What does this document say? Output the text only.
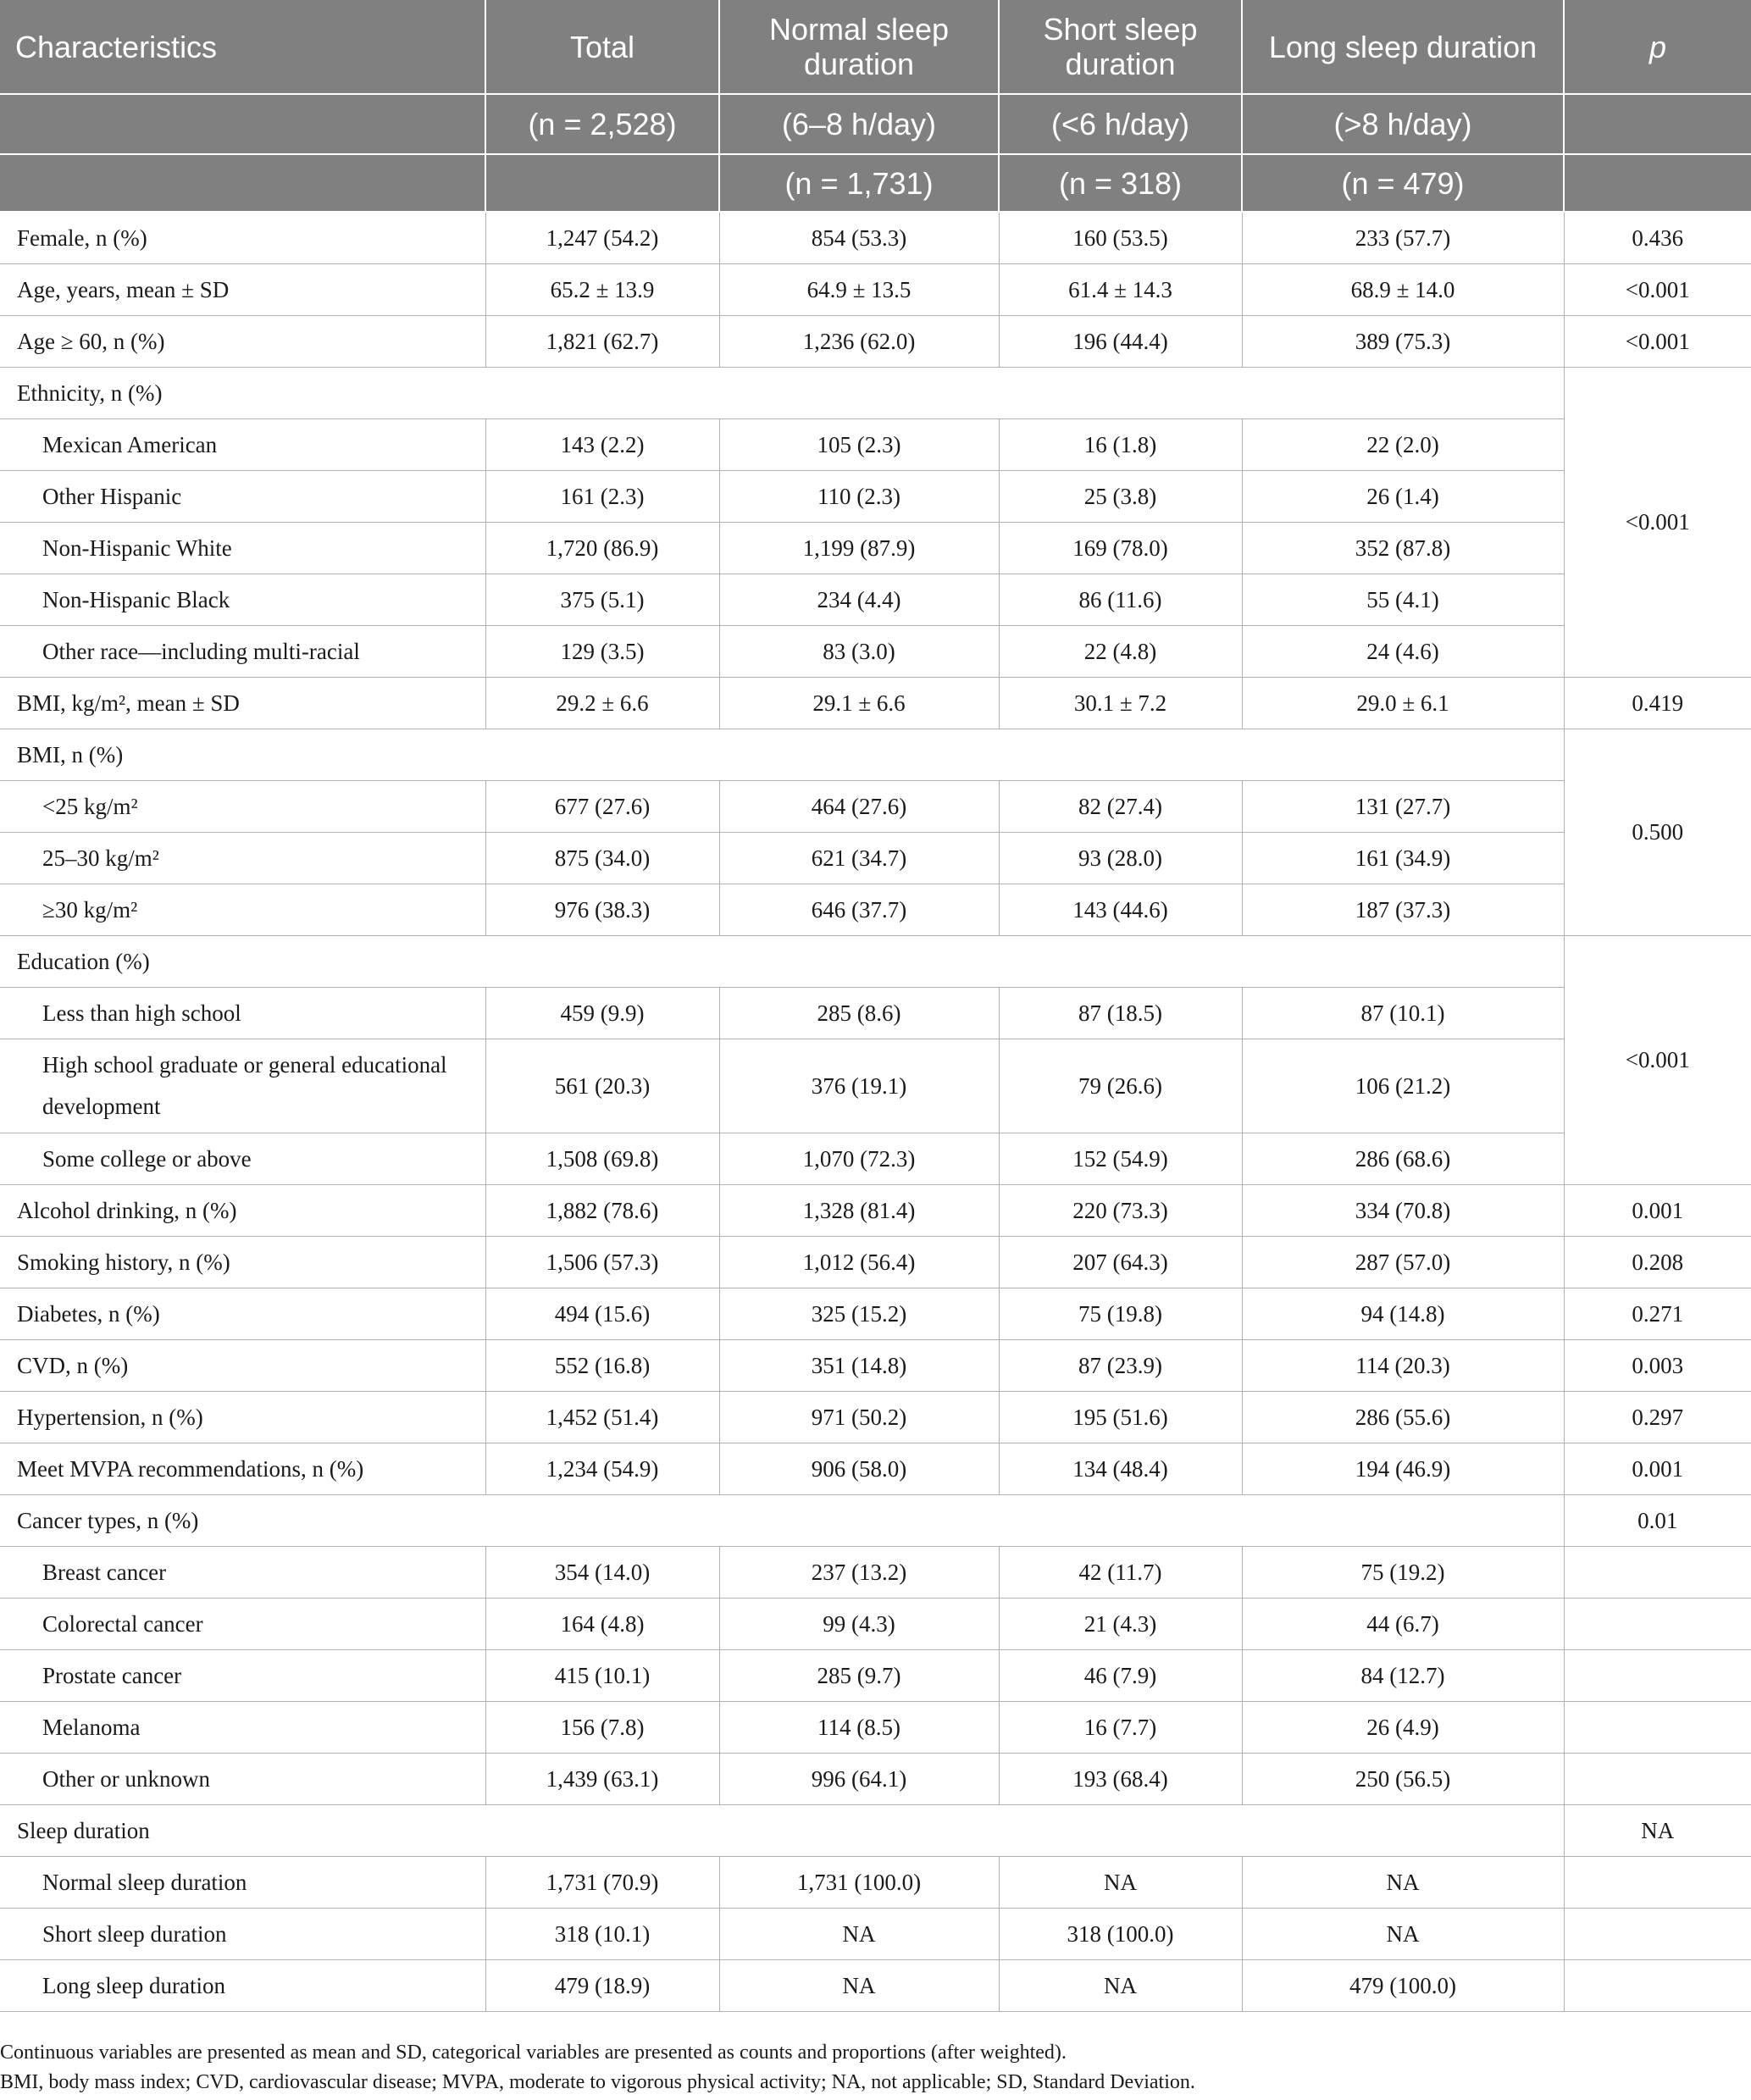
Characteristics	Total	Normal sleep duration	Short sleep duration	Long sleep duration	p
	(n = 2,528)	(6–8 h/day)	(<6 h/day)	(>8 h/day)	
		(n = 1,731)	(n = 318)	(n = 479)	
Female, n (%)	1,247 (54.2)	854 (53.3)	160 (53.5)	233 (57.7)	0.436
Age, years, mean ± SD	65.2 ± 13.9	64.9 ± 13.5	61.4 ± 14.3	68.9 ± 14.0	<0.001
Age ≥ 60, n (%)	1,821 (62.7)	1,236 (62.0)	196 (44.4)	389 (75.3)	<0.001
Ethnicity, n (%)					<0.001
Mexican American	143 (2.2)	105 (2.3)	16 (1.8)	22 (2.0)	
Other Hispanic	161 (2.3)	110 (2.3)	25 (3.8)	26 (1.4)	
Non-Hispanic White	1,720 (86.9)	1,199 (87.9)	169 (78.0)	352 (87.8)	
Non-Hispanic Black	375 (5.1)	234 (4.4)	86 (11.6)	55 (4.1)	
Other race—including multi-racial	129 (3.5)	83 (3.0)	22 (4.8)	24 (4.6)	
BMI, kg/m², mean ± SD	29.2 ± 6.6	29.1 ± 6.6	30.1 ± 7.2	29.0 ± 6.1	0.419
BMI, n (%)					0.500
<25 kg/m²	677 (27.6)	464 (27.6)	82 (27.4)	131 (27.7)	
25–30 kg/m²	875 (34.0)	621 (34.7)	93 (28.0)	161 (34.9)	
≥30 kg/m²	976 (38.3)	646 (37.7)	143 (44.6)	187 (37.3)	
Education (%)					<0.001
Less than high school	459 (9.9)	285 (8.6)	87 (18.5)	87 (10.1)	
High school graduate or general educational development	561 (20.3)	376 (19.1)	79 (26.6)	106 (21.2)	
Some college or above	1,508 (69.8)	1,070 (72.3)	152 (54.9)	286 (68.6)	
Alcohol drinking, n (%)	1,882 (78.6)	1,328 (81.4)	220 (73.3)	334 (70.8)	0.001
Smoking history, n (%)	1,506 (57.3)	1,012 (56.4)	207 (64.3)	287 (57.0)	0.208
Diabetes, n (%)	494 (15.6)	325 (15.2)	75 (19.8)	94 (14.8)	0.271
CVD, n (%)	552 (16.8)	351 (14.8)	87 (23.9)	114 (20.3)	0.003
Hypertension, n (%)	1,452 (51.4)	971 (50.2)	195 (51.6)	286 (55.6)	0.297
Meet MVPA recommendations, n (%)	1,234 (54.9)	906 (58.0)	134 (48.4)	194 (46.9)	0.001
Cancer types, n (%)					0.01
Breast cancer	354 (14.0)	237 (13.2)	42 (11.7)	75 (19.2)	
Colorectal cancer	164 (4.8)	99 (4.3)	21 (4.3)	44 (6.7)	
Prostate cancer	415 (10.1)	285 (9.7)	46 (7.9)	84 (12.7)	
Melanoma	156 (7.8)	114 (8.5)	16 (7.7)	26 (4.9)	
Other or unknown	1,439 (63.1)	996 (64.1)	193 (68.4)	250 (56.5)	
Sleep duration					NA
Normal sleep duration	1,731 (70.9)	1,731 (100.0)	NA	NA	
Short sleep duration	318 (10.1)	NA	318 (100.0)	NA	
Long sleep duration	479 (18.9)	NA	NA	479 (100.0)	
Continuous variables are presented as mean and SD, categorical variables are presented as counts and proportions (after weighted).
BMI, body mass index; CVD, cardiovascular disease; MVPA, moderate to vigorous physical activity; NA, not applicable; SD, Standard Deviation.
